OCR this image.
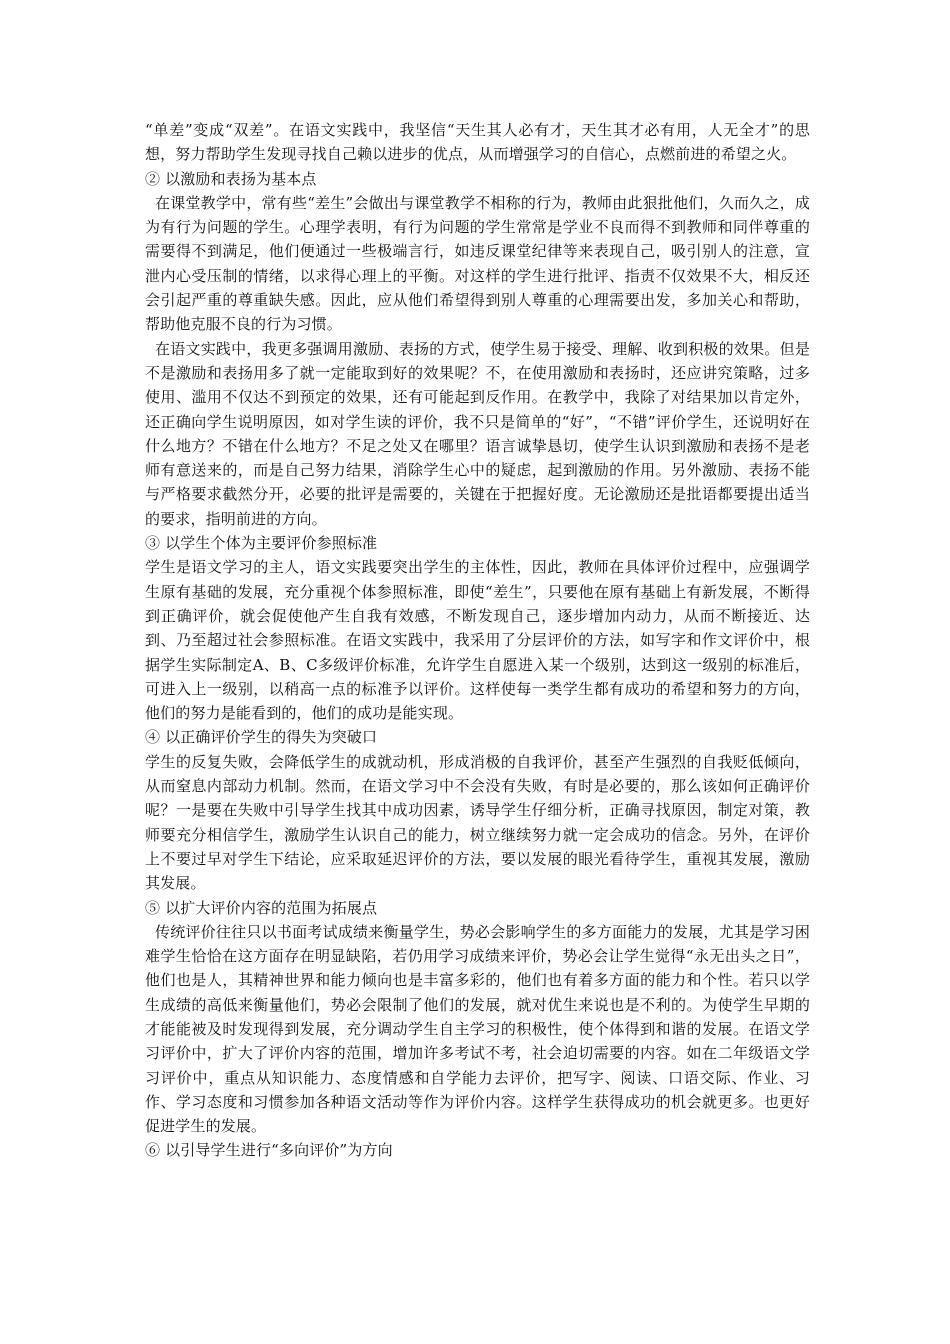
“单差”变成“双差”。在语文实践中，我坚信“天生其人必有才，天生其才必有用，人无全才”的思想，努力帮助学生发现寻找自己赖以进步的优点，从而增强学习的自信心，点燃前进的希望之火。

② 以激励和表扬为基本点

在课堂教学中，常有些“差生”会做出与课堂教学不相称的行为，教师由此狠批他们，久而久之，成为有行为问题的学生。心理学表明，有行为问题的学生常常是学业不良而得不到教师和同伴尊重的需要得不到满足，他们便通过一些极端言行，如违反课堂纪律等来表现自己，吸引别人的注意，宣泄内心受压制的情绪，以求得心理上的平衡。对这样的学生进行批评、指责不仅效果不大，相反还会引起严重的尊重缺失感。因此，应从他们希望得到别人尊重的心理需要出发，多加关心和帮助，帮助他克服不良的行为习惯。

在语文实践中，我更多强调用激励、表扬的方式，使学生易于接受、理解、收到积极的效果。但是不是激励和表扬用多了就一定能取到好的效果呢？不，在使用激励和表扬时，还应讲究策略，过多使用、滥用不仅达不到预定的效果，还有可能起到反作用。在教学中，我除了对结果加以肯定外，还正确向学生说明原因，如对学生读的评价，我不只是简单的“好”，“不错”评价学生，还说明好在什么地方？不错在什么地方？不足之处又在哪里？语言诚挚恳切，使学生认识到激励和表扬不是老师有意送来的，而是自己努力结果，消除学生心中的疑虑，起到激励的作用。另外激励、表扬不能与严格要求截然分开，必要的批评是需要的，关键在于把握好度。无论激励还是批语都要提出适当的要求，指明前进的方向。

③ 以学生个体为主要评价参照标准

学生是语文学习的主人，语文实践要突出学生的主体性，因此，教师在具体评价过程中，应强调学生原有基础的发展，充分重视个体参照标准，即使“差生”，只要他在原有基础上有新发展，不断得到正确评价，就会促使他产生自我有效感，不断发现自己，逐步增加内动力，从而不断接近、达到、乃至超过社会参照标准。在语文实践中，我采用了分层评价的方法，如写字和作文评价中，根据学生实际制定A、B、C多级评价标准，允许学生自愿进入某一个级别，达到这一级别的标准后，可进入上一级别，以稍高一点的标准予以评价。这样使每一类学生都有成功的希望和努力的方向，他们的努力是能看到的，他们的成功是能实现。

④ 以正确评价学生的得失为突破口

学生的反复失败，会降低学生的成就动机，形成消极的自我评价，甚至产生强烈的自我贬低倾向，从而窒息内部动力机制。然而，在语文学习中不会没有失败，有时是必要的，那么该如何正确评价呢？一是要在失败中引导学生找其中成功因素，诱导学生仔细分析，正确寻找原因，制定对策，教师要充分相信学生，激励学生认识自己的能力，树立继续努力就一定会成功的信念。另外，在评价上不要过早对学生下结论，应采取延迟评价的方法，要以发展的眼光看待学生，重视其发展，激励其发展。

⑤ 以扩大评价内容的范围为拓展点

传统评价往往只以书面考试成绩来衡量学生，势必会影响学生的多方面能力的发展，尤其是学习困难学生恰恰在这方面存在明显缺陷，若仍用学习成绩来评价，势必会让学生觉得“永无出头之日”，他们也是人，其精神世界和能力倾向也是丰富多彩的，他们也有着多方面的能力和个性。若只以学生成绩的高低来衡量他们，势必会限制了他们的发展，就对优生来说也是不利的。为使学生早期的才能能被及时发现得到发展，充分调动学生自主学习的积极性，使个体得到和谐的发展。在语文学习评价中，扩大了评价内容的范围，增加许多考试不考，社会迫切需要的内容。如在二年级语文学习评价中，重点从知识能力、态度情感和自学能力去评价，把写字、阅读、口语交际、作业、习作、学习态度和习惯参加各种语文活动等作为评价内容。这样学生获得成功的机会就更多。也更好促进学生的发展。

⑥ 以引导学生进行“多向评价”为方向
